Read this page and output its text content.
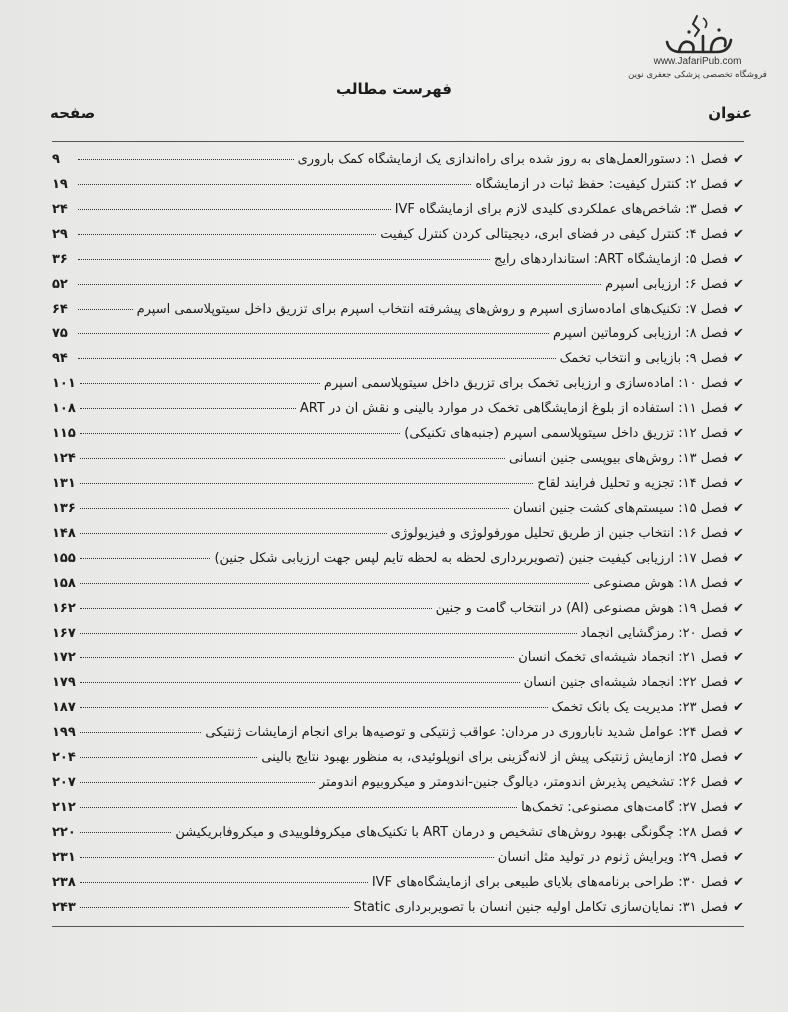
www.JafariPub.com
فروشگاه تخصصی پزشکی جعفری نوین
فهرست مطالب
عنوان
صفحه
✔
فصل ۱: دستورالعمل‌های به روز شده برای راه‌اندازی یک آزمایشگاه کمک باروری
۹
✔
فصل ۲: کنترل کیفیت: حفظ ثبات در آزمایشگاه
۱۹
✔
فصل ۳: شاخص‌های عملکردی کلیدی لازم برای آزمایشگاه IVF
۲۴
✔
فصل ۴: کنترل کیفی در فضای ابری، دیجیتالی کردن کنترل کیفیت
۲۹
✔
فصل ۵: آزمایشگاه ART: استانداردهای رایج
۳۶
✔
فصل ۶: ارزیابی اسپرم
۵۲
✔
فصل ۷: تکنیک‌های آماده‌سازی اسپرم و روش‌های پیشرفته انتخاب اسپرم برای تزریق داخل سیتوپلاسمی اسپرم
۶۴
✔
فصل ۸: ارزیابی کروماتین اسپرم
۷۵
✔
فصل ۹: بازیابی و انتخاب تخمک
۹۴
✔
فصل ۱۰: آماده‌سازی و ارزیابی تخمک برای تزریق داخل سیتوپلاسمی اسپرم
۱۰۱
✔
فصل ۱۱: استفاده از بلوغ آزمایشگاهی تخمک در موارد بالینی و نقش آن در ART
۱۰۸
✔
فصل ۱۲: تزریق داخل سیتوپلاسمی اسپرم (جنبه‌های تکنیکی)
۱۱۵
✔
فصل ۱۳: روش‌های بیوپسی جنین انسانی
۱۲۴
✔
فصل ۱۴: تجزیه و تحلیل فرایند لقاح
۱۳۱
✔
فصل ۱۵: سیستم‌های کشت جنین انسان
۱۳۶
✔
فصل ۱۶: انتخاب جنین از طریق تحلیل مورفولوژی و فیزیولوژی
۱۴۸
✔
فصل ۱۷: ارزیابی کیفیت جنین (تصویربرداری لحظه به لحظه تایم لپس جهت ارزیابی شکل جنین)
۱۵۵
✔
فصل ۱۸: هوش مصنوعی
۱۵۸
✔
فصل ۱۹: هوش مصنوعی (AI) در انتخاب گامت و جنین
۱۶۲
✔
فصل ۲۰: رمزگشایی انجماد
۱۶۷
✔
فصل ۲۱: انجماد شیشه‌ای تخمک انسان
۱۷۲
✔
فصل ۲۲: انجماد شیشه‌ای جنین انسان
۱۷۹
✔
فصل ۲۳: مدیریت یک بانک تخمک
۱۸۷
✔
فصل ۲۴: عوامل شدید ناباروری در مردان: عواقب ژنتیکی و توصیه‌ها برای انجام آزمایشات ژنتیکی
۱۹۹
✔
فصل ۲۵: آزمایش ژنتیکی پیش از لانه‌گزینی برای آنوپلوئیدی، به منظور بهبود نتایج بالینی
۲۰۴
✔
فصل ۲۶: تشخیص پذیرش اندومتر، دیالوگ جنین-آندومتر و میکروبیوم آندومتر
۲۰۷
✔
فصل ۲۷: گامت‌های مصنوعی: تخمک‌ها
۲۱۲
✔
فصل ۲۸: چگونگی بهبود روش‌های تشخیص و درمان ART با تکنیک‌های میکروفلوییدی و میکروفابریکیشن
۲۲۰
✔
فصل ۲۹: ویرایش ژنوم در تولید مثل انسان
۲۳۱
✔
فصل ۳۰: طراحی برنامه‌های بلایای طبیعی برای آزمایشگاه‌های IVF
۲۳۸
✔
فصل ۳۱: نمایان‌سازی تکامل اولیه جنین انسان با تصویربرداری Static
۲۴۳
